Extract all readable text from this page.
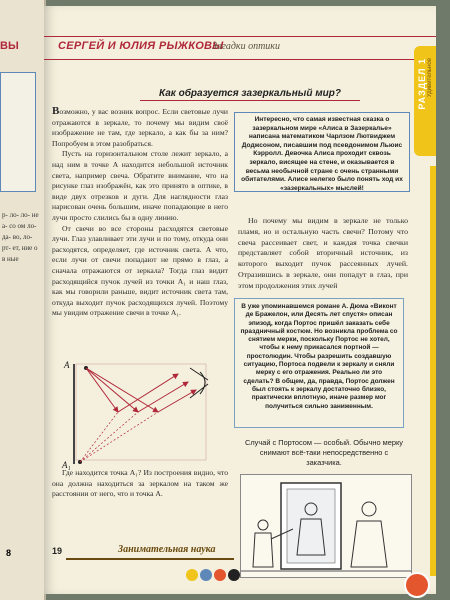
ВЫ
р- ло- ло- не а- со ом ло- да- во, ло- рт- ет, ние о в ные
8
СЕРГЕЙ И ЮЛИЯ РЫЖКОВЫ
Загадки оптики
РАЗДЕЛ 1 Удивительное
Как образуется зазеркальный мир?

Возможно, у вас возник вопрос. Если световые лучи отражаются в зеркале, то почему мы видим своё изображение не там, где зеркало, а как бы за ним? Попробуем в этом разобраться.

Пусть на горизонтальном столе лежит зеркало, а над ним в точке A находится небольшой источник света, например свеча. Обратите внимание, что на рисунке глаз изображён, как это принято в оптике, в виде двух отрезков и дуги. Для наглядности глаз нарисован очень большим, иначе попадающие в него лучи просто слились бы в одну линию.

От свечи во все стороны расходятся световые лучи. Глаз улавливает эти лучи и по тому, откуда они расходятся, определяет, где источник света. А что, если лучи от свечи попадают не прямо в глаз, а сначала отражаются от зеркала? Тогда глаз видит расходящийся пучок лучей из точки A₁ и наш глаз, как мы говорили раньше, видит источник света там, откуда выходит пучок расходящихся лучей. Поэтому мы увидим отражение свечи в точке A₁.

A
A₁

Где находится точка A₁? Из построения видно, что она должна находиться за зеркалом на таком же расстоянии от него, что и точка A.

Интересно, что самая известная сказка о зазеркальном мире «Алиса в Зазеркалье» написана математиком Чарлзом Лютвиджем Доджсоном, писавшим под псевдонимом Льюис Кэрролл. Девочка Алиса проходит сквозь зеркало, висящее на стене, и оказывается в весьма необычной стране с очень странными обитателями. Алисе нелегко было понять ход их «зазеркальных» мыслей!

Но почему мы видим в зеркале не только пламя, но и остальную часть свечи? Потому что свеча рассеивает свет, и каждая точка свечки представляет собой вторичный источник, из которого выходит пучок рассеянных лучей. Отразившись в зеркале, они попадут в глаз, при этом продолжения этих лучей

В уже упоминавшемся романе А. Дюма «Виконт де Бражелон, или Десять лет спустя» описан эпизод, когда Портос пришёл заказать себе праздничный костюм. Но возникла проблема со снятием мерки, поскольку Портос не хотел, чтобы к нему прикасался портной — простолюдин. Чтобы разрешить создавшую ситуацию, Портоса подвели к зеркалу и сняли мерку с его отражения. Реально ли это сделать? В общем, да, правда, Портос должен был стоять к зеркалу достаточно близко, практически вплотную, иначе размер мог получиться сильно заниженным.

Случай с Портосом — особый. Обычно мерку снимают всё-таки непосредственно с заказчика.
19	Занимательная наука
